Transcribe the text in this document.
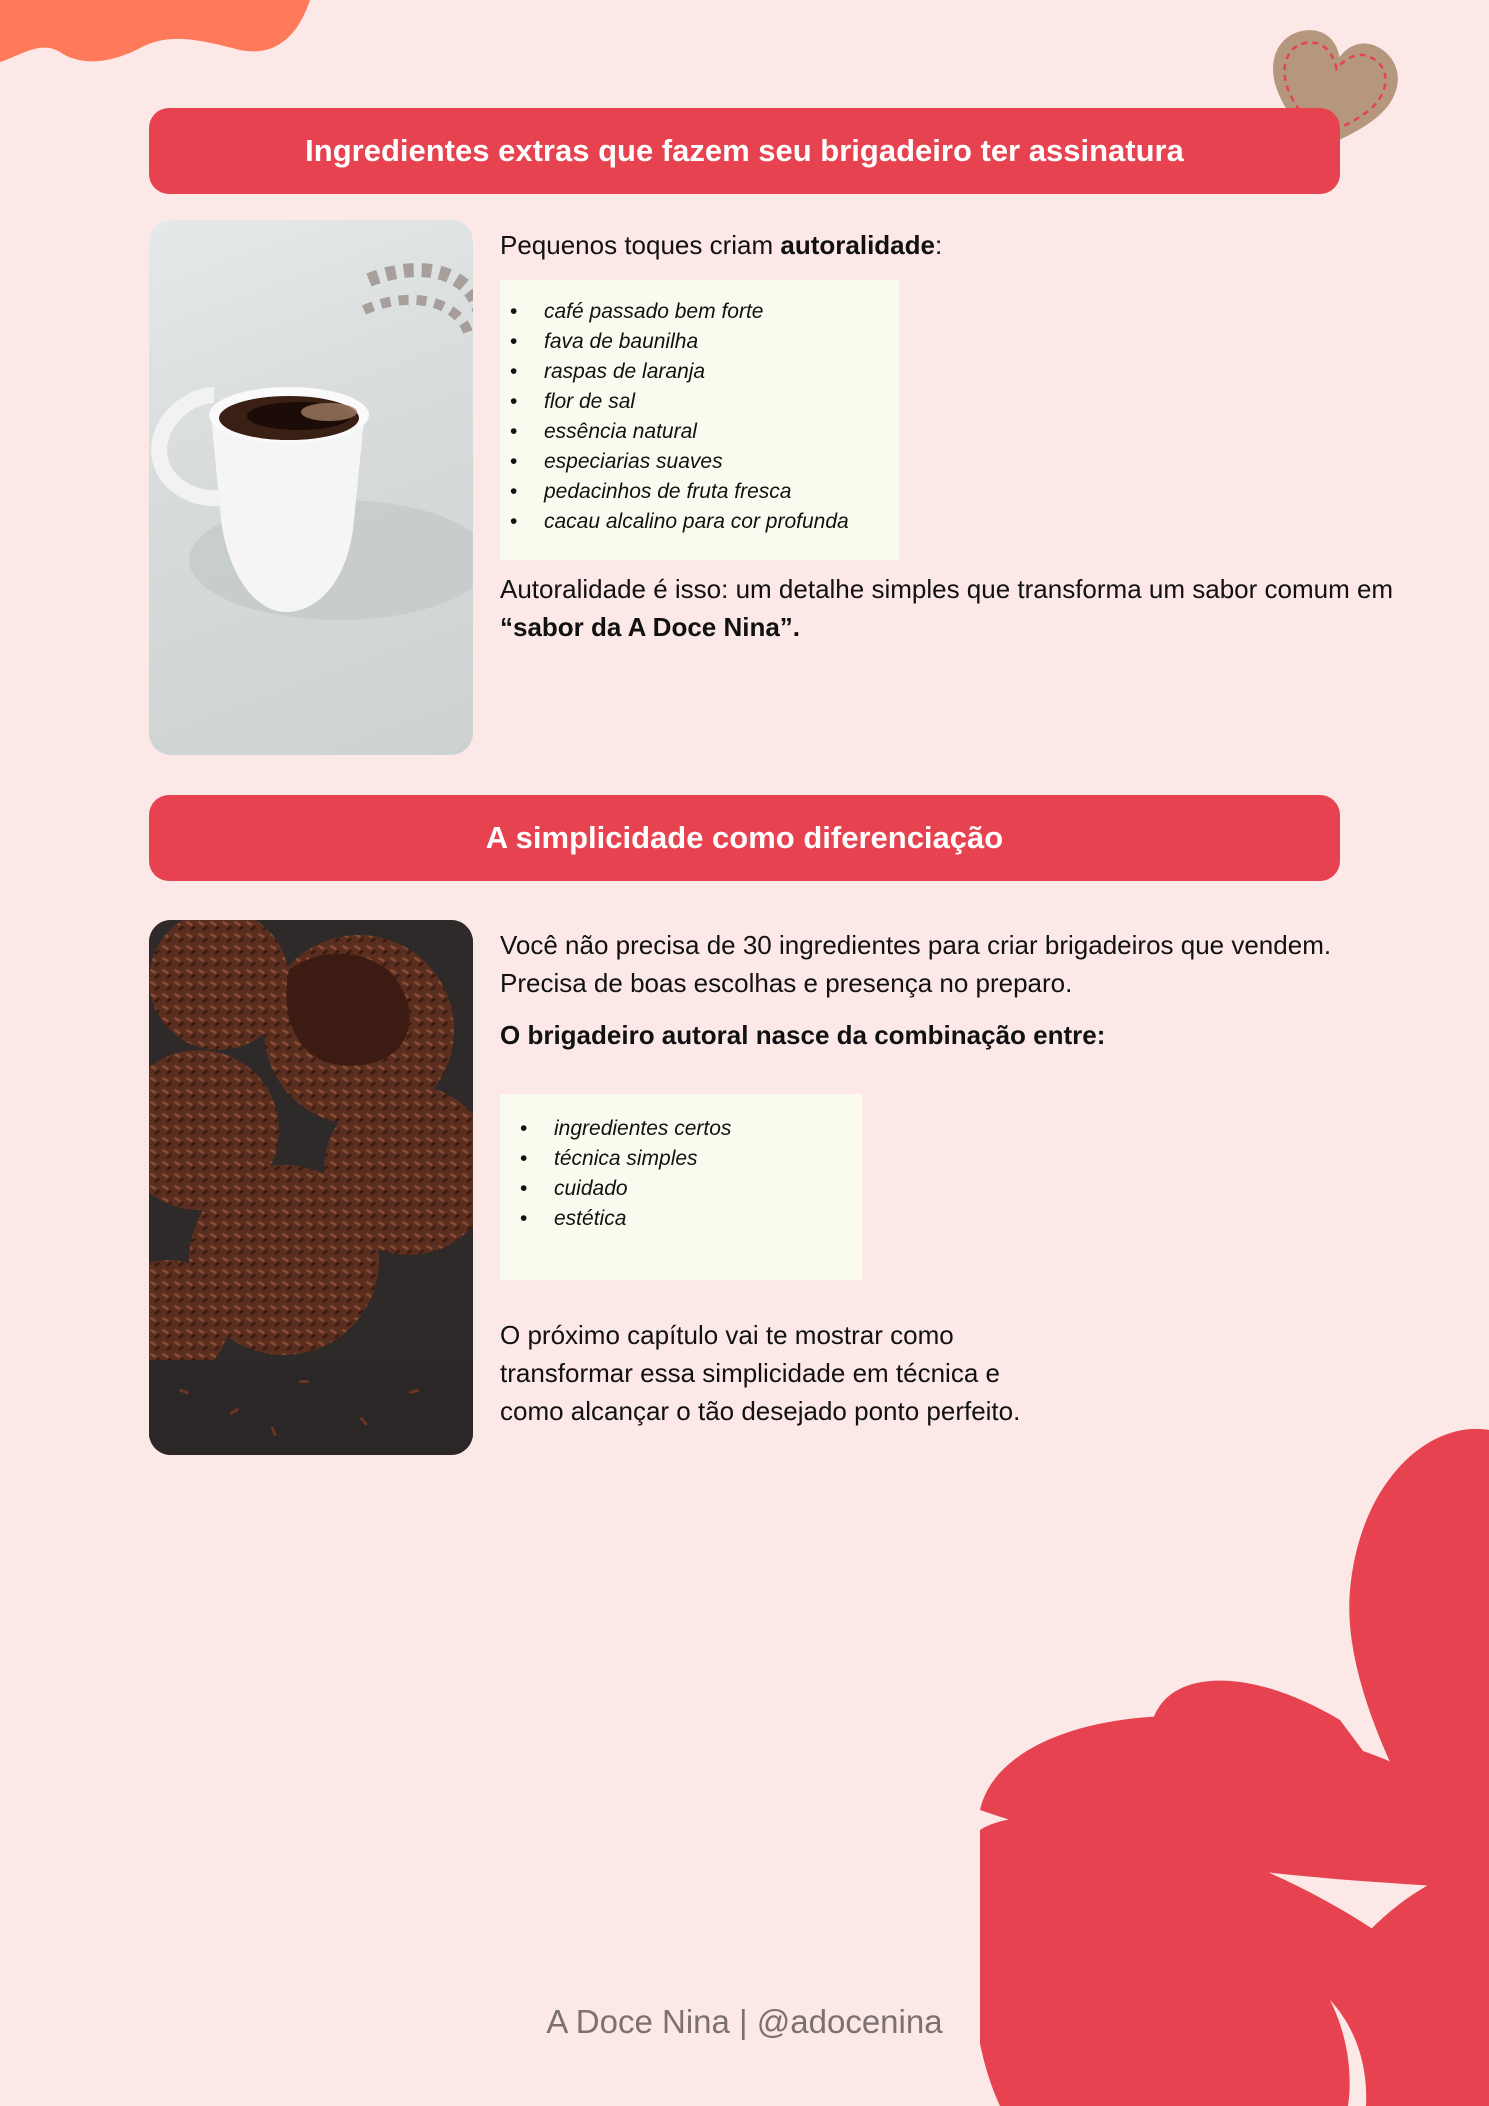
Ingredientes extras que fazem seu brigadeiro ter assinatura

Pequenos toques criam autoralidade:

• café passado bem forte
• fava de baunilha
• raspas de laranja
• flor de sal
• essência natural
• especiarias suaves
• pedacinhos de fruta fresca
• cacau alcalino para cor profunda

Autoralidade é isso: um detalhe simples que transforma um sabor comum em “sabor da A Doce Nina”.

A simplicidade como diferenciação

Você não precisa de 30 ingredientes para criar brigadeiros que vendem. Precisa de boas escolhas e presença no preparo.

O brigadeiro autoral nasce da combinação entre:

• ingredientes certos
• técnica simples
• cuidado
• estética

O próximo capítulo vai te mostrar como transformar essa simplicidade em técnica e como alcançar o tão desejado ponto perfeito.

A Doce Nina | @adocenina
